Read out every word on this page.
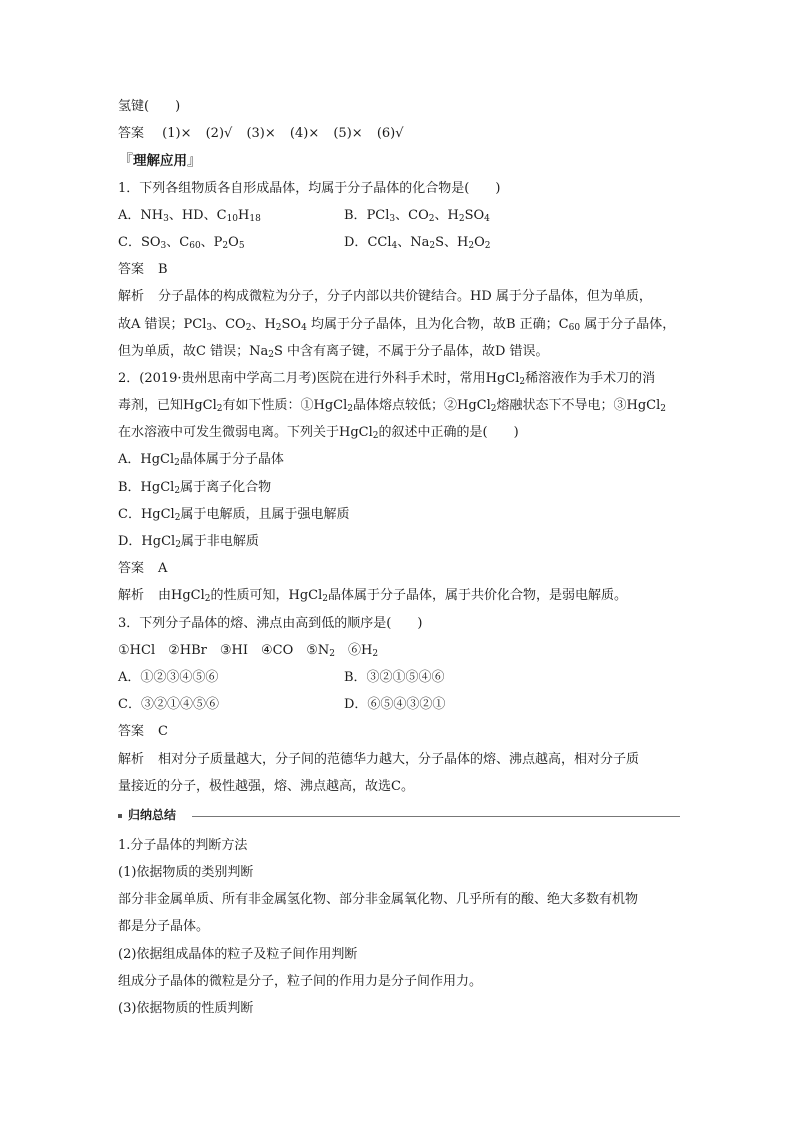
氢键(　　)
答案 (1)× (2)√ (3)× (4)× (5)× (6)√
『理解应用』
1．下列各组物质各自形成晶体，均属于分子晶体的化合物是(　　)
A．$NH_3$、HD、$C_{10}H_{18}$	B．PCl$_3$、$CO_2$、$H_2SO_4$
C．$SO_3$、$C_{60}$、$P_2O_5$	D．CCl$_4$、$Na_2S$、$H_2O_2$
答案 B
解析 分子晶体的构成微粒为分子，分子内部以共价键结合。HD 属于分子晶体，但为单质，
故A 错误；PCl$_3$、$CO_2$、$H_2SO_4$ 均属于分子晶体，且为化合物，故B 正确；$C_{60}$ 属于分子晶体，
但为单质，故C 错误；$Na_2S$ 中含有离子键，不属于分子晶体，故D 错误。
2．(2019·贵州思南中学高二月考)医院在进行外科手术时，常用HgCl$_2$稀溶液作为手术刀的消
毒剂，已知HgCl$_2$有如下性质：①HgCl$_2$晶体熔点较低；②HgCl$_2$熔融状态下不导电；③HgCl$_2$
在水溶液中可发生微弱电离。下列关于HgCl$_2$的叙述中正确的是(　　)
A．HgCl$_2$晶体属于分子晶体
B．HgCl$_2$属于离子化合物
C．HgCl$_2$属于电解质，且属于强电解质
D．HgCl$_2$属于非电解质
答案 A
解析 由HgCl$_2$的性质可知，HgCl$_2$晶体属于分子晶体，属于共价化合物，是弱电解质。
3．下列分子晶体的熔、沸点由高到低的顺序是(　　)
①HCl　②HBr　③HI　④CO　$⑤N_2$　$⑥H_2$
A．①②③④⑤⑥	B．③②①⑤④⑥
C．③②①④⑤⑥	D．⑥⑤④③②①
答案 C
解析 相对分子质量越大，分子间的范德华力越大，分子晶体的熔、沸点越高，相对分子质
量接近的分子，极性越强，熔、沸点越高，故选C。
归纳总结
1.分子晶体的判断方法
(1)依据物质的类别判断
部分非金属单质、所有非金属氢化物、部分非金属氧化物、几乎所有的酸、绝大多数有机物
都是分子晶体。
(2)依据组成晶体的粒子及粒子间作用判断
组成分子晶体的微粒是分子，粒子间的作用力是分子间作用力。
(3)依据物质的性质判断
